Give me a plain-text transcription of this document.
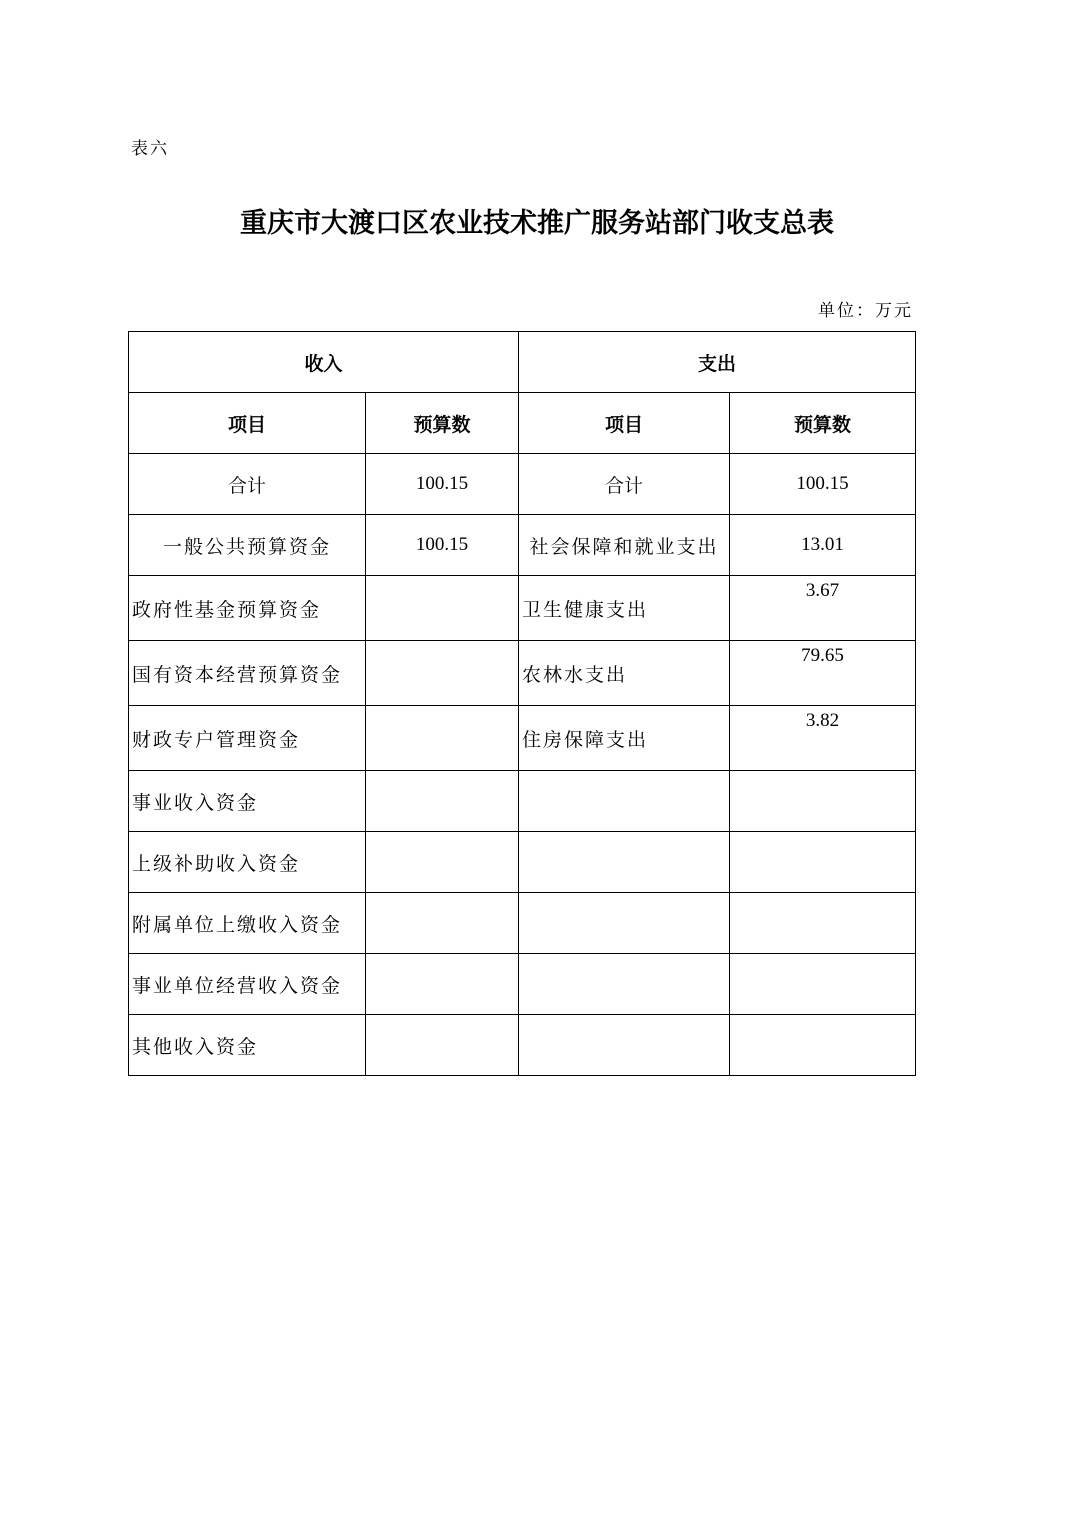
表六
重庆市大渡口区农业技术推广服务站部门收支总表
单位：万元
收入		支出	
项目	预算数	项目	预算数
合计	100.15	合计	100.15
一般公共预算资金	100.15	社会保障和就业支出	13.01
政府性基金预算资金		卫生健康支出	3.67
国有资本经营预算资金		农林水支出	79.65
财政专户管理资金		住房保障支出	3.82
事业收入资金			
上级补助收入资金			
附属单位上缴收入资金			
事业单位经营收入资金			
其他收入资金			
